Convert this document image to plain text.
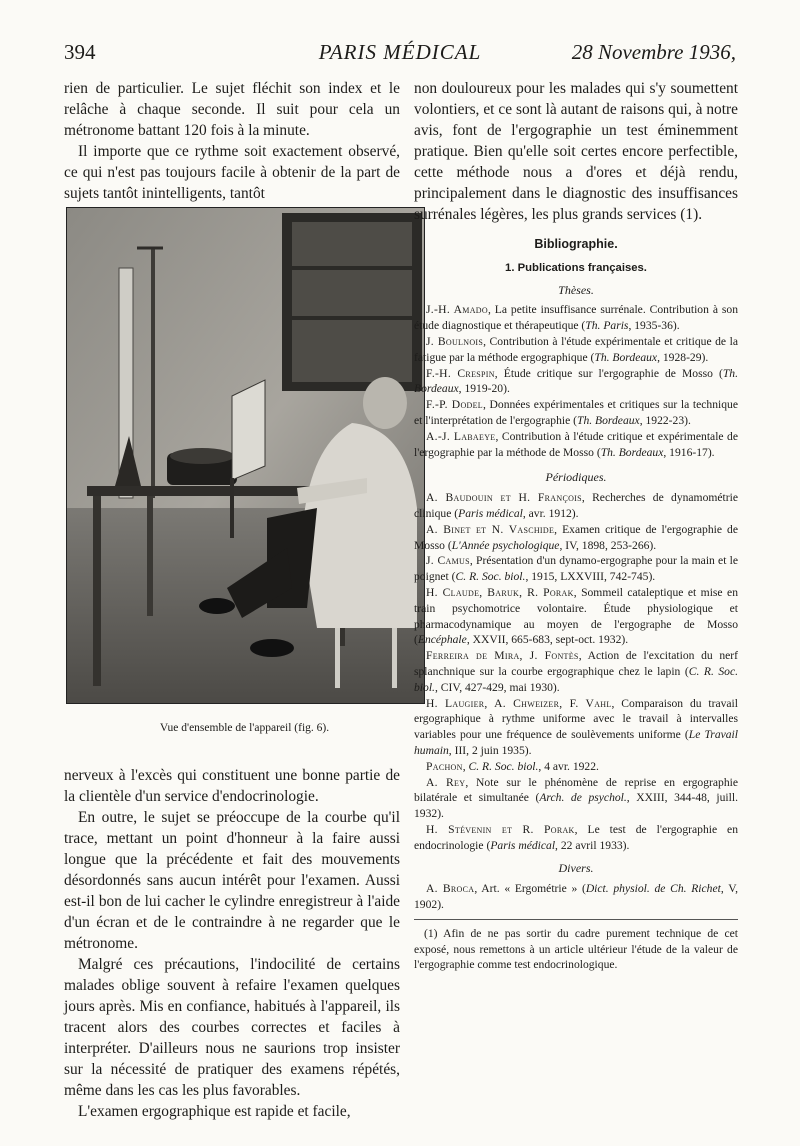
394	PARIS MÉDICAL	28 Novembre 1936,

rien de particulier. Le sujet fléchit son index et le relâche à chaque seconde. Il suit pour cela un métronome battant 120 fois à la minute.

Il importe que ce rythme soit exactement observé, ce qui n'est pas toujours facile à obtenir de la part de sujets tantôt inintelligents, tantôt

Vue d'ensemble de l'appareil (fig. 6).

nerveux à l'excès qui constituent une bonne partie de la clientèle d'un service d'endocrinologie.

En outre, le sujet se préoccupe de la courbe qu'il trace, mettant un point d'honneur à la faire aussi longue que la précédente et fait des mouvements désordonnés sans aucun intérêt pour l'examen. Aussi est-il bon de lui cacher le cylindre enregistreur à l'aide d'un écran et de le contraindre à ne regarder que le métronome.

Malgré ces précautions, l'indocilité de certains malades oblige souvent à refaire l'examen quelques jours après. Mis en confiance, habitués à l'appareil, ils tracent alors des courbes correctes et faciles à interpréter. D'ailleurs nous ne saurions trop insister sur la nécessité de pratiquer des examens répétés, même dans les cas les plus favorables.

L'examen ergographique est rapide et facile,

non douloureux pour les malades qui s'y soumettent volontiers, et ce sont là autant de raisons qui, à notre avis, font de l'ergographie un test éminemment pratique. Bien qu'elle soit certes encore perfectible, cette méthode nous a d'ores et déjà rendu, principalement dans le diagnostic des insuffisances surrénales légères, les plus grands services (1).

Bibliographie.

1. Publications françaises.

Thèses.

J.-H. Amado, La petite insuffisance surrénale. Contribution à son étude diagnostique et thérapeutique (Th. Paris, 1935-36).

J. Boulnois, Contribution à l'étude expérimentale et critique de la fatigue par la méthode ergographique (Th. Bordeaux, 1928-29).

F.-H. Crespin, Étude critique sur l'ergographie de Mosso (Th. Bordeaux, 1919-20).

F.-P. Dodel, Données expérimentales et critiques sur la technique et l'interprétation de l'ergographie (Th. Bordeaux, 1922-23).

A.-J. Labaeye, Contribution à l'étude critique et expérimentale de l'ergographie par la méthode de Mosso (Th. Bordeaux, 1916-17).

Périodiques.

A. Baudouin et H. François, Recherches de dynamométrie clinique (Paris médical, avr. 1912).

A. Binet et N. Vaschide, Examen critique de l'ergographie de Mosso (L'Année psychologique, IV, 1898, 253-266).

J. Camus, Présentation d'un dynamo-ergographe pour la main et le poignet (C. R. Soc. biol., 1915, LXXVIII, 742-745).

H. Claude, Baruk, R. Porak, Sommeil cataleptique et mise en train psychomotrice volontaire. Étude physiologique et pharmacodynamique au moyen de l'ergographe de Mosso (Encéphale, XXVII, 665-683, sept-oct. 1932).

Ferreira de Mira, J. Fontès, Action de l'excitation du nerf splanchnique sur la courbe ergographique chez le lapin (C. R. Soc. biol., CIV, 427-429, mai 1930).

H. Laugier, A. Chweizer, F. Vahl, Comparaison du travail ergographique à rythme uniforme avec le travail à intervalles variables pour une fréquence de soulèvements uniforme (Le Travail humain, III, 2 juin 1935).

Pachon, C. R. Soc. biol., 4 avr. 1922.

A. Rey, Note sur le phénomène de reprise en ergographie bilatérale et simultanée (Arch. de psychol., XXIII, 344-48, juill. 1932).

H. Stévenin et R. Porak, Le test de l'ergographie en endocrinologie (Paris médical, 22 avril 1933).

Divers.

A. Broca, Art. « Ergométrie » (Dict. physiol. de Ch. Richet, V, 1902).

(1) Afin de ne pas sortir du cadre purement technique de cet exposé, nous remettons à un article ultérieur l'étude de la valeur de l'ergographie comme test endocrinologique.
